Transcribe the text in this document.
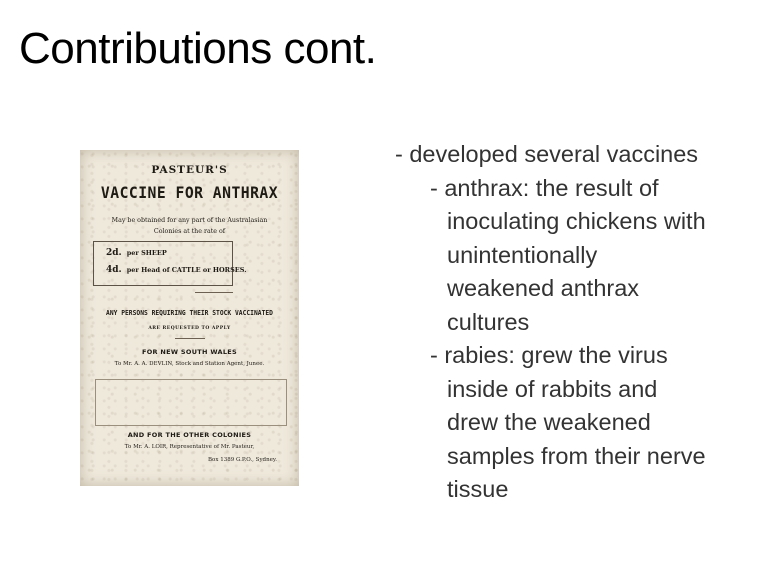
Contributions cont.
PASTEUR'S
VACCINE FOR ANTHRAX
May be obtained for any part of the Australasian
Colonies at the rate of
2d. per SHEEP
4d. per Head of CATTLE or HORSES.
ANY PERSONS REQUIRING THEIR STOCK VACCINATED
ARE REQUESTED TO APPLY
FOR NEW SOUTH WALES
To Mr. A. A. DEVLIN, Stock and Station Agent, Junee.
AND FOR THE OTHER COLONIES
To Mr. A. LOIR, Representative of Mr. Pasteur,
Box 1389 G.P.O., Sydney.
- developed several vaccines
- anthrax: the result of
inoculating chickens with
unintentionally
weakened anthrax
cultures
- rabies: grew the virus
inside of rabbits and
drew the weakened
samples from their nerve
tissue
